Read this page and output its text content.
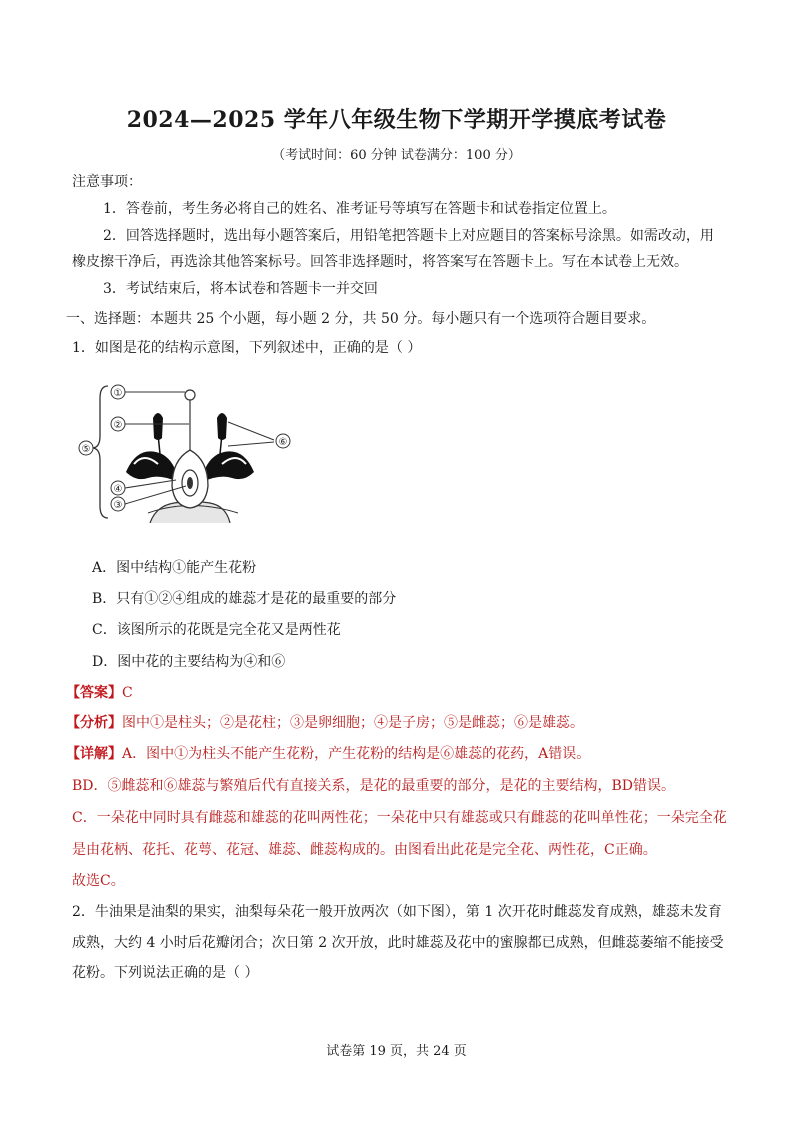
2024—2025 学年八年级生物下学期开学摸底考试卷
（考试时间：60 分钟 试卷满分：100 分）
注意事项：
1．答卷前，考生务必将自己的姓名、准考证号等填写在答题卡和试卷指定位置上。
2．回答选择题时，选出每小题答案后，用铅笔把答题卡上对应题目的答案标号涂黑。如需改动，用
橡皮擦干净后，再选涂其他答案标号。回答非选择题时，将答案写在答题卡上。写在本试卷上无效。
3．考试结束后，将本试卷和答题卡一并交回
一、选择题：本题共 25 个小题，每小题 2 分，共 50 分。每小题只有一个选项符合题目要求。
1．如图是花的结构示意图，下列叙述中，正确的是（ ）
①
②
③
④
⑤
⑥
A．图中结构①能产生花粉
B．只有①②④组成的雄蕊才是花的最重要的部分
C．该图所示的花既是完全花又是两性花
D．图中花的主要结构为④和⑥
【答案】C
【分析】图中①是柱头；②是花柱；③是卵细胞；④是子房；⑤是雌蕊；⑥是雄蕊。
【详解】A．图中①为柱头不能产生花粉，产生花粉的结构是⑥雄蕊的花药，A错误。
BD．⑤雌蕊和⑥雄蕊与繁殖后代有直接关系，是花的最重要的部分，是花的主要结构，BD错误。
C．一朵花中同时具有雌蕊和雄蕊的花叫两性花；一朵花中只有雄蕊或只有雌蕊的花叫单性花；一朵完全花
是由花柄、花托、花萼、花冠、雄蕊、雌蕊构成的。由图看出此花是完全花、两性花，C正确。
故选C。
2．牛油果是油梨的果实，油梨每朵花一般开放两次（如下图），第 1 次开花时雌蕊发育成熟，雄蕊未发育
成熟，大约 4 小时后花瓣闭合；次日第 2 次开放，此时雄蕊及花中的蜜腺都已成熟，但雌蕊萎缩不能接受
花粉。下列说法正确的是（ ）
试卷第 19 页，共 24 页
